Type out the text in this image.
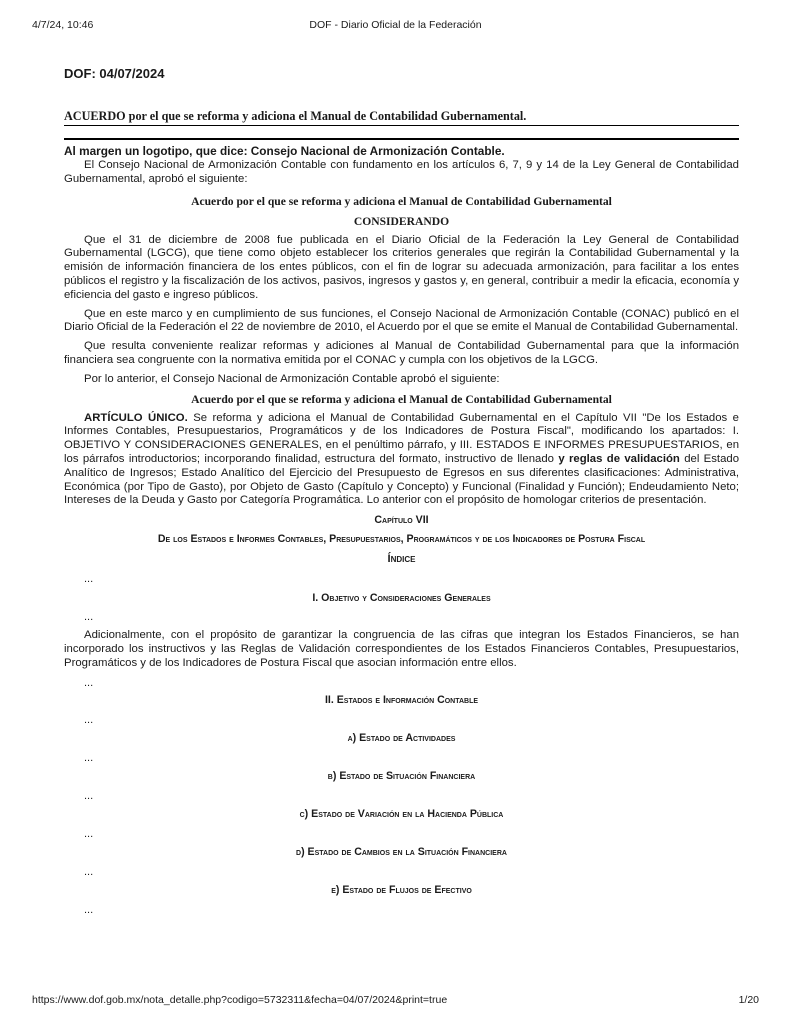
4/7/24, 10:46	DOF - Diario Oficial de la Federación
DOF: 04/07/2024
ACUERDO por el que se reforma y adiciona el Manual de Contabilidad Gubernamental.
Al margen un logotipo, que dice: Consejo Nacional de Armonización Contable.

El Consejo Nacional de Armonización Contable con fundamento en los artículos 6, 7, 9 y 14 de la Ley General de Contabilidad Gubernamental, aprobó el siguiente:

Acuerdo por el que se reforma y adiciona el Manual de Contabilidad Gubernamental
CONSIDERANDO

Que el 31 de diciembre de 2008 fue publicada en el Diario Oficial de la Federación la Ley General de Contabilidad Gubernamental (LGCG), que tiene como objeto establecer los criterios generales que regirán la Contabilidad Gubernamental y la emisión de información financiera de los entes públicos, con el fin de lograr su adecuada armonización, para facilitar a los entes públicos el registro y la fiscalización de los activos, pasivos, ingresos y gastos y, en general, contribuir a medir la eficacia, economía y eficiencia del gasto e ingreso públicos.

Que en este marco y en cumplimiento de sus funciones, el Consejo Nacional de Armonización Contable (CONAC) publicó en el Diario Oficial de la Federación el 22 de noviembre de 2010, el Acuerdo por el que se emite el Manual de Contabilidad Gubernamental.

Que resulta conveniente realizar reformas y adiciones al Manual de Contabilidad Gubernamental para que la información financiera sea congruente con la normativa emitida por el CONAC y cumpla con los objetivos de la LGCG.

Por lo anterior, el Consejo Nacional de Armonización Contable aprobó el siguiente:

Acuerdo por el que se reforma y adiciona el Manual de Contabilidad Gubernamental

ARTÍCULO ÚNICO. Se reforma y adiciona el Manual de Contabilidad Gubernamental en el Capítulo VII "De los Estados e Informes Contables, Presupuestarios, Programáticos y de los Indicadores de Postura Fiscal", modificando los apartados: I. OBJETIVO Y CONSIDERACIONES GENERALES, en el penúltimo párrafo, y III. ESTADOS E INFORMES PRESUPUESTARIOS, en los párrafos introductorios; incorporando finalidad, estructura del formato, instructivo de llenado y reglas de validación del Estado Analítico de Ingresos; Estado Analítico del Ejercicio del Presupuesto de Egresos en sus diferentes clasificaciones: Administrativa, Económica (por Tipo de Gasto), por Objeto de Gasto (Capítulo y Concepto) y Funcional (Finalidad y Función); Endeudamiento Neto; Intereses de la Deuda y Gasto por Categoría Programática. Lo anterior con el propósito de homologar criterios de presentación.

Capítulo VII
De los Estados e Informes Contables, Presupuestarios, Programáticos y de los Indicadores de Postura Fiscal
Índice
...
I. Objetivo y Consideraciones Generales
...

Adicionalmente, con el propósito de garantizar la congruencia de las cifras que integran los Estados Financieros, se han incorporado los instructivos y las Reglas de Validación correspondientes de los Estados Financieros Contables, Presupuestarios, Programáticos y de los Indicadores de Postura Fiscal que asocian información entre ellos.

...
II. Estados e Información Contable
...
a) Estado de Actividades
...
b) Estado de Situación Financiera
...
c) Estado de Variación en la Hacienda Pública
...
d) Estado de Cambios en la Situación Financiera
...
e) Estado de Flujos de Efectivo
...
https://www.dof.gob.mx/nota_detalle.php?codigo=5732311&fecha=04/07/2024&print=true	1/20
